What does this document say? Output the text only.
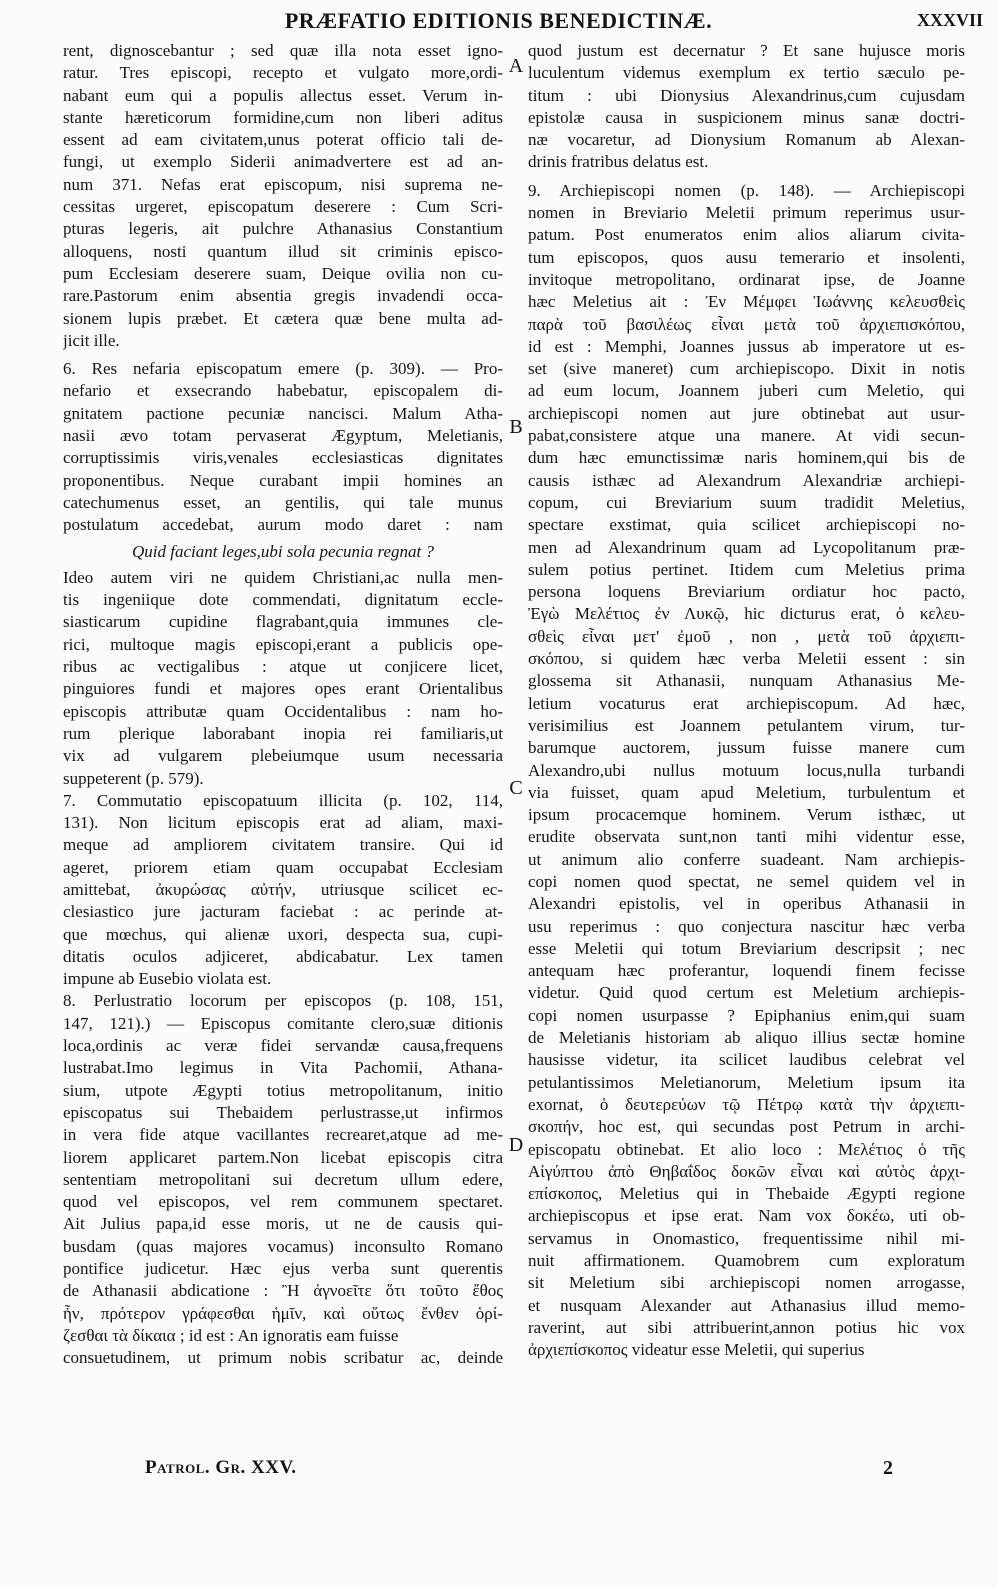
PRÆFATIO EDITIONIS BENEDICTINÆ.	XXXVII
rent, dignoscebantur ; sed quæ illa nota esset igno-
ratur. Tres episcopi, recepto et vulgato more,ordi-
nabant eum qui a populis allectus esset. Verum in-
stante hæreticorum formidine,cum non liberi aditus
essent ad eam civitatem,unus poterat officio tali de-
fungi, ut exemplo Siderii animadvertere est ad an-
num 371. Nefas erat episcopum, nisi suprema ne-
cessitas urgeret, episcopatum deserere : Cum Scri-
pturas legeris, ait pulchre Athanasius Constantium
alloquens, nosti quantum illud sit criminis episco-
pum Ecclesiam deserere suam, Deique ovilia non cu-
rare.Pastorum enim absentia gregis invadendi occa-
sionem lupis præbet. Et cætera quæ bene multa ad-
jicit ille.
6. Res nefaria episcopatum emere (p. 309). — Pro-
nefario et exsecrando habebatur, episcopalem di-
gnitatem pactione pecuniæ nancisci. Malum Atha-
nasii ævo totam pervaserat Ægyptum, Meletianis,
corruptissimis viris,venales ecclesiasticas dignitates
proponentibus. Neque curabant impii homines an
catechumenus esset, an gentilis, qui tale munus
postulatum accedebat, aurum modo daret : nam
Quid faciant leges,ubi sola pecunia regnat ?
Ideo autem viri ne quidem Christiani,ac nulla men-
tis ingeniique dote commendati, dignitatum eccle-
siasticarum cupidine flagrabant,quia immunes cle-
rici, multoque magis episcopi,erant a publicis ope-
ribus ac vectigalibus : atque ut conjicere licet,
pinguiores fundi et majores opes erant Orientalibus
episcopis attributæ quam Occidentalibus : nam ho-
rum plerique laborabant inopia rei familiaris,ut
vix ad vulgarem plebeiumque usum necessaria
suppeterent (p. 579).
7. Commutatio episcopatuum illicita (p. 102, 114,
131). Non licitum episcopis erat ad aliam, maxi-
meque ad ampliorem civitatem transire. Qui id
ageret, priorem etiam quam occupabat Ecclesiam
amittebat, ἀκυρώσας αὐτήν, utriusque scilicet ec-
clesiastico jure jacturam faciebat : ac perinde at-
que mœchus, qui alienæ uxori, despecta sua, cupi-
ditatis oculos adjiceret, abdicabatur. Lex tamen
impune ab Eusebio violata est.
8. Perlustratio locorum per episcopos (p. 108, 151,
147, 121).) — Episcopus comitante clero,suæ ditionis
loca,ordinis ac veræ fidei servandæ causa,frequens
lustrabat.Imo legimus in Vita Pachomii, Athana-
sium, utpote Ægypti totius metropolitanum, initio
episcopatus sui Thebaidem perlustrasse,ut infirmos
in vera fide atque vacillantes recrearet,atque ad me-
liorem applicaret partem.Non licebat episcopis citra
sententiam metropolitani sui decretum ullum edere,
quod vel episcopos, vel rem communem spectaret.
Ait Julius papa,id esse moris, ut ne de causis qui-
busdam (quas majores vocamus) inconsulto Romano
pontifice judicetur. Hæc ejus verba sunt querentis
de Athanasii abdicatione : Ἢ ἀγνοεῖτε ὅτι τοῦτο ἔθος
ἦν, πρότερον γράφεσθαι ἡμῖν, καὶ οὕτως ἔνθεν ὁρί-
ζεσθαι τὰ δίκαια ; id est : An ignoratis eam fuisse
consuetudinem, ut primum nobis scribatur ac, deinde
A
B
C
D
quod justum est decernatur ? Et sane hujusce moris
luculentum videmus exemplum ex tertio sæculo pe-
titum : ubi Dionysius Alexandrinus,cum cujusdam
epistolæ causa in suspicionem minus sanæ doctri-
næ vocaretur, ad Dionysium Romanum ab Alexan-
drinis fratribus delatus est.
9. Archiepiscopi nomen (p. 148). — Archiepiscopi
nomen in Breviario Meletii primum reperimus usur-
patum. Post enumeratos enim alios aliarum civita-
tum episcopos, quos ausu temerario et insolenti,
invitoque metropolitano, ordinarat ipse, de Joanne
hæc Meletius ait : Ἐν Μέμφει Ἰωάννης κελευσθεὶς
παρὰ τοῦ βασιλέως εἶναι μετὰ τοῦ ἀρχιεπισκόπου,
id est : Memphi, Joannes jussus ab imperatore ut es-
set (sive maneret) cum archiepiscopo. Dixit in notis
ad eum locum, Joannem juberi cum Meletio, qui
archiepiscopi nomen aut jure obtinebat aut usur-
pabat,consistere atque una manere. At vidi secun-
dum hæc emunctissimæ naris hominem,qui bis de
causis isthæc ad Alexandrum Alexandriæ archiepi-
copum, cui Breviarium suum tradidit Meletius,
spectare exstimat, quia scilicet archiepiscopi no-
men ad Alexandrinum quam ad Lycopolitanum præ-
sulem potius pertinet. Itidem cum Meletius prima
persona loquens Breviarium ordiatur hoc pacto,
Ἐγὼ Μελέτιος ἐν Λυκῷ, hic dicturus erat, ὁ κελευ-
σθεὶς εἶναι μετ' ἐμοῦ , non , μετὰ τοῦ ἀρχιεπι-
σκόπου, si quidem hæc verba Meletii essent : sin
glossema sit Athanasii, nunquam Athanasius Me-
letium vocaturus erat archiepiscopum. Ad hæc,
verisimilius est Joannem petulantem virum, tur-
barumque auctorem, jussum fuisse manere cum
Alexandro,ubi nullus motuum locus,nulla turbandi
via fuisset, quam apud Meletium, turbulentum et
ipsum procacemque hominem. Verum isthæc, ut
erudite observata sunt,non tanti mihi videntur esse,
ut animum alio conferre suadeant. Nam archiepis-
copi nomen quod spectat, ne semel quidem vel in
Alexandri epistolis, vel in operibus Athanasii in
usu reperimus : quo conjectura nascitur hæc verba
esse Meletii qui totum Breviarium descripsit ; nec
antequam hæc proferantur, loquendi finem fecisse
videtur. Quid quod certum est Meletium archiepis-
copi nomen usurpasse ? Epiphanius enim,qui suam
de Meletianis historiam ab aliquo illius sectæ homine
hausisse videtur, ita scilicet laudibus celebrat vel
petulantissimos Meletianorum, Meletium ipsum ita
exornat, ὁ δευτερεύων τῷ Πέτρῳ κατὰ τὴν ἀρχιεπι-
σκοπήν, hoc est, qui secundas post Petrum in archi-
episcopatu obtinebat. Et alio loco : Μελέτιος ὁ τῆς
Αἰγύπτου ἀπὸ Θηβαΐδος δοκῶν εἶναι καὶ αὐτὸς ἀρχι-
επίσκοπος, Meletius qui in Thebaide Ægypti regione
archiepiscopus et ipse erat. Nam vox δοκέω, uti ob-
servamus in Onomastico, frequentissime nihil mi-
nuit affirmationem. Quamobrem cum exploratum
sit Meletium sibi archiepiscopi nomen arrogasse,
et nusquam Alexander aut Athanasius illud memo-
raverint, aut sibi attribuerint,annon potius hic vox
ἀρχιεπίσκοπος videatur esse Meletii, qui superius
Patrol. Gr. XXV.	2
